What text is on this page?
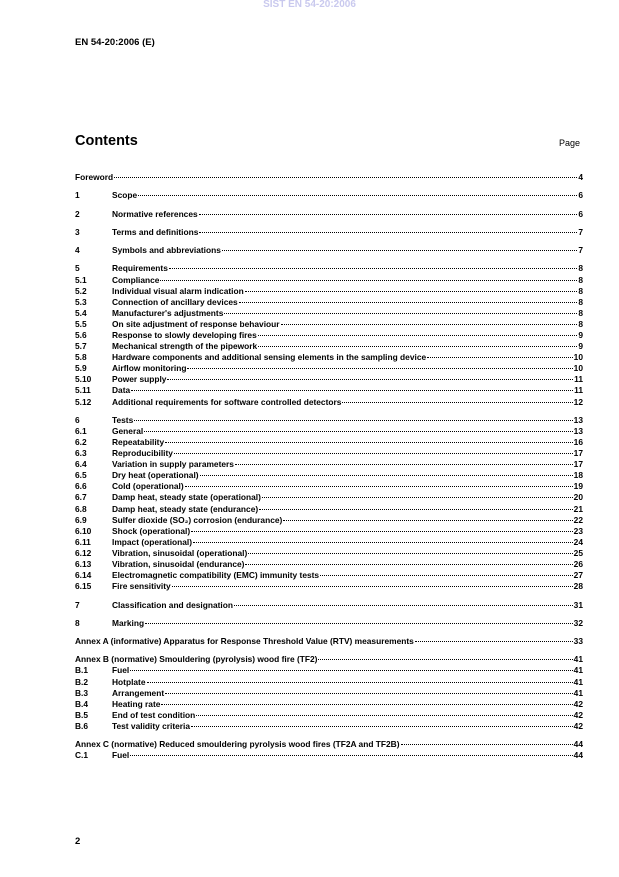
SIST EN 54-20:2006
EN 54-20:2006 (E)
Contents	Page
Foreword	4
1	Scope	6
2	Normative references	6
3	Terms and definitions	7
4	Symbols and abbreviations	7
5	Requirements	8
5.1	Compliance	8
5.2	Individual visual alarm indication	8
5.3	Connection of ancillary devices	8
5.4	Manufacturer's adjustments	8
5.5	On site adjustment of response behaviour	8
5.6	Response to slowly developing fires	9
5.7	Mechanical strength of the pipework	9
5.8	Hardware components and additional sensing elements in the sampling device	10
5.9	Airflow monitoring	10
5.10	Power supply	11
5.11	Data	11
5.12	Additional requirements for software controlled detectors	12
6	Tests	13
6.1	General	13
6.2	Repeatability	16
6.3	Reproducibility	17
6.4	Variation in supply parameters	17
6.5	Dry heat (operational)	18
6.6	Cold (operational)	19
6.7	Damp heat, steady state (operational)	20
6.8	Damp heat, steady state (endurance)	21
6.9	Sulfer dioxide (SO₂) corrosion (endurance)	22
6.10	Shock (operational)	23
6.11	Impact (operational)	24
6.12	Vibration, sinusoidal (operational)	25
6.13	Vibration, sinusoidal (endurance)	26
6.14	Electromagnetic compatibility (EMC) immunity tests	27
6.15	Fire sensitivity	28
7	Classification and designation	31
8	Marking	32
Annex A (informative) Apparatus for Response Threshold Value (RTV) measurements	33
Annex B (normative) Smouldering (pyrolysis) wood fire (TF2)	41
B.1	Fuel	41
B.2	Hotplate	41
B.3	Arrangement	41
B.4	Heating rate	42
B.5	End of test condition	42
B.6	Test validity criteria	42
Annex C (normative) Reduced smouldering pyrolysis wood fires (TF2A and TF2B)	44
C.1	Fuel	44
2
